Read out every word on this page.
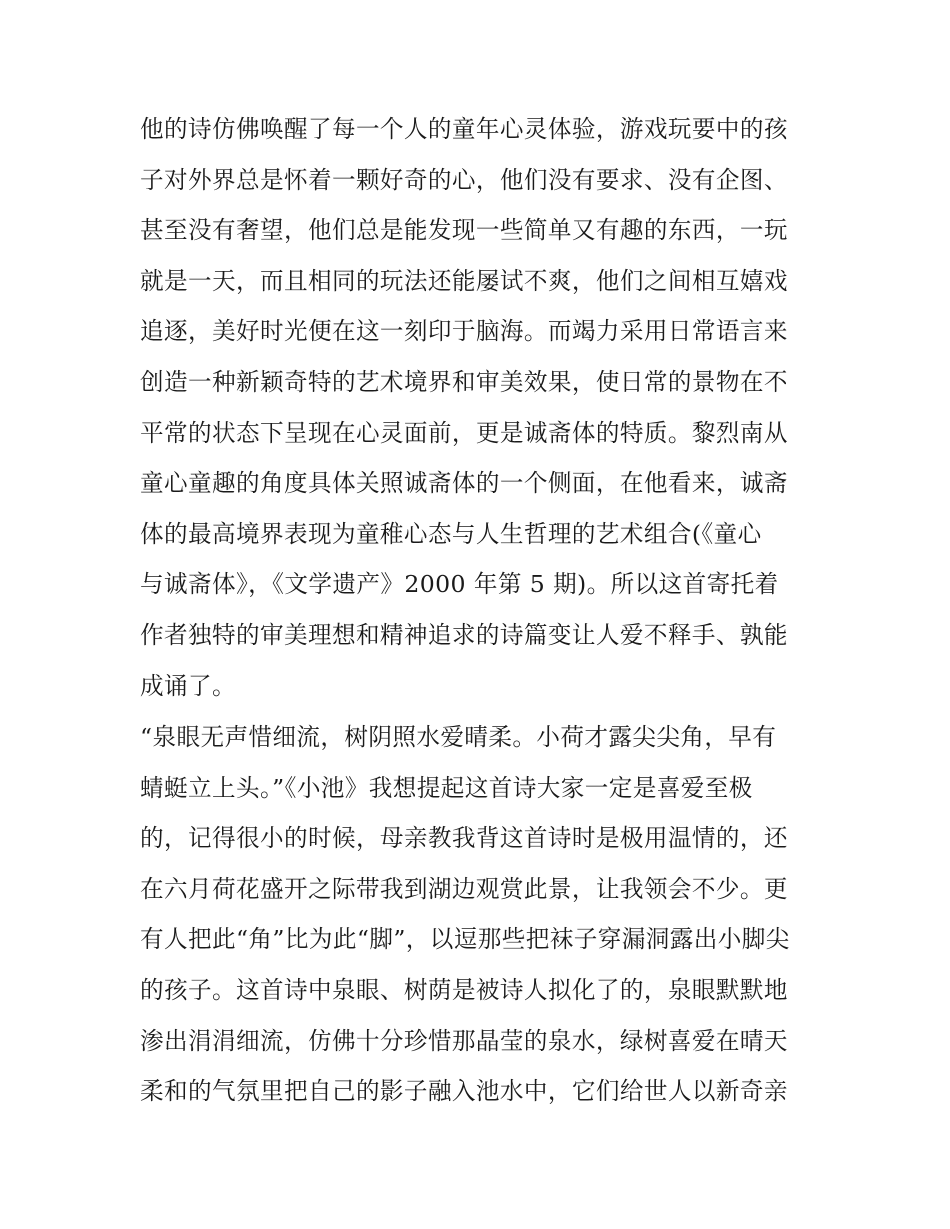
他的诗仿佛唤醒了每一个人的童年心灵体验，游戏玩要中的孩
子对外界总是怀着一颗好奇的心，他们没有要求、没有企图、
甚至没有奢望，他们总是能发现一些简单又有趣的东西，一玩
就是一天，而且相同的玩法还能屡试不爽，他们之间相互嬉戏
追逐，美好时光便在这一刻印于脑海。而竭力采用日常语言来
创造一种新颖奇特的艺术境界和审美效果，使日常的景物在不
平常的状态下呈现在心灵面前，更是诚斋体的特质。黎烈南从
童心童趣的角度具体关照诚斋体的一个侧面，在他看来，诚斋
体的最高境界表现为童稚心态与人生哲理的艺术组合(《童心
与诚斋体》，《文学遗产》2000 年第 5 期)。所以这首寄托着
作者独特的审美理想和精神追求的诗篇变让人爱不释手、孰能
成诵了。
“泉眼无声惜细流，树阴照水爱晴柔。小荷才露尖尖角，早有
蜻蜓立上头。”《小池》我想提起这首诗大家一定是喜爱至极
的，记得很小的时候，母亲教我背这首诗时是极用温情的，还
在六月荷花盛开之际带我到湖边观赏此景，让我领会不少。更
有人把此“角”比为此“脚”，以逗那些把袜子穿漏洞露出小脚尖
的孩子。这首诗中泉眼、树荫是被诗人拟化了的，泉眼默默地
渗出涓涓细流，仿佛十分珍惜那晶莹的泉水，绿树喜爱在晴天
柔和的气氛里把自己的影子融入池水中，它们给世人以新奇亲
